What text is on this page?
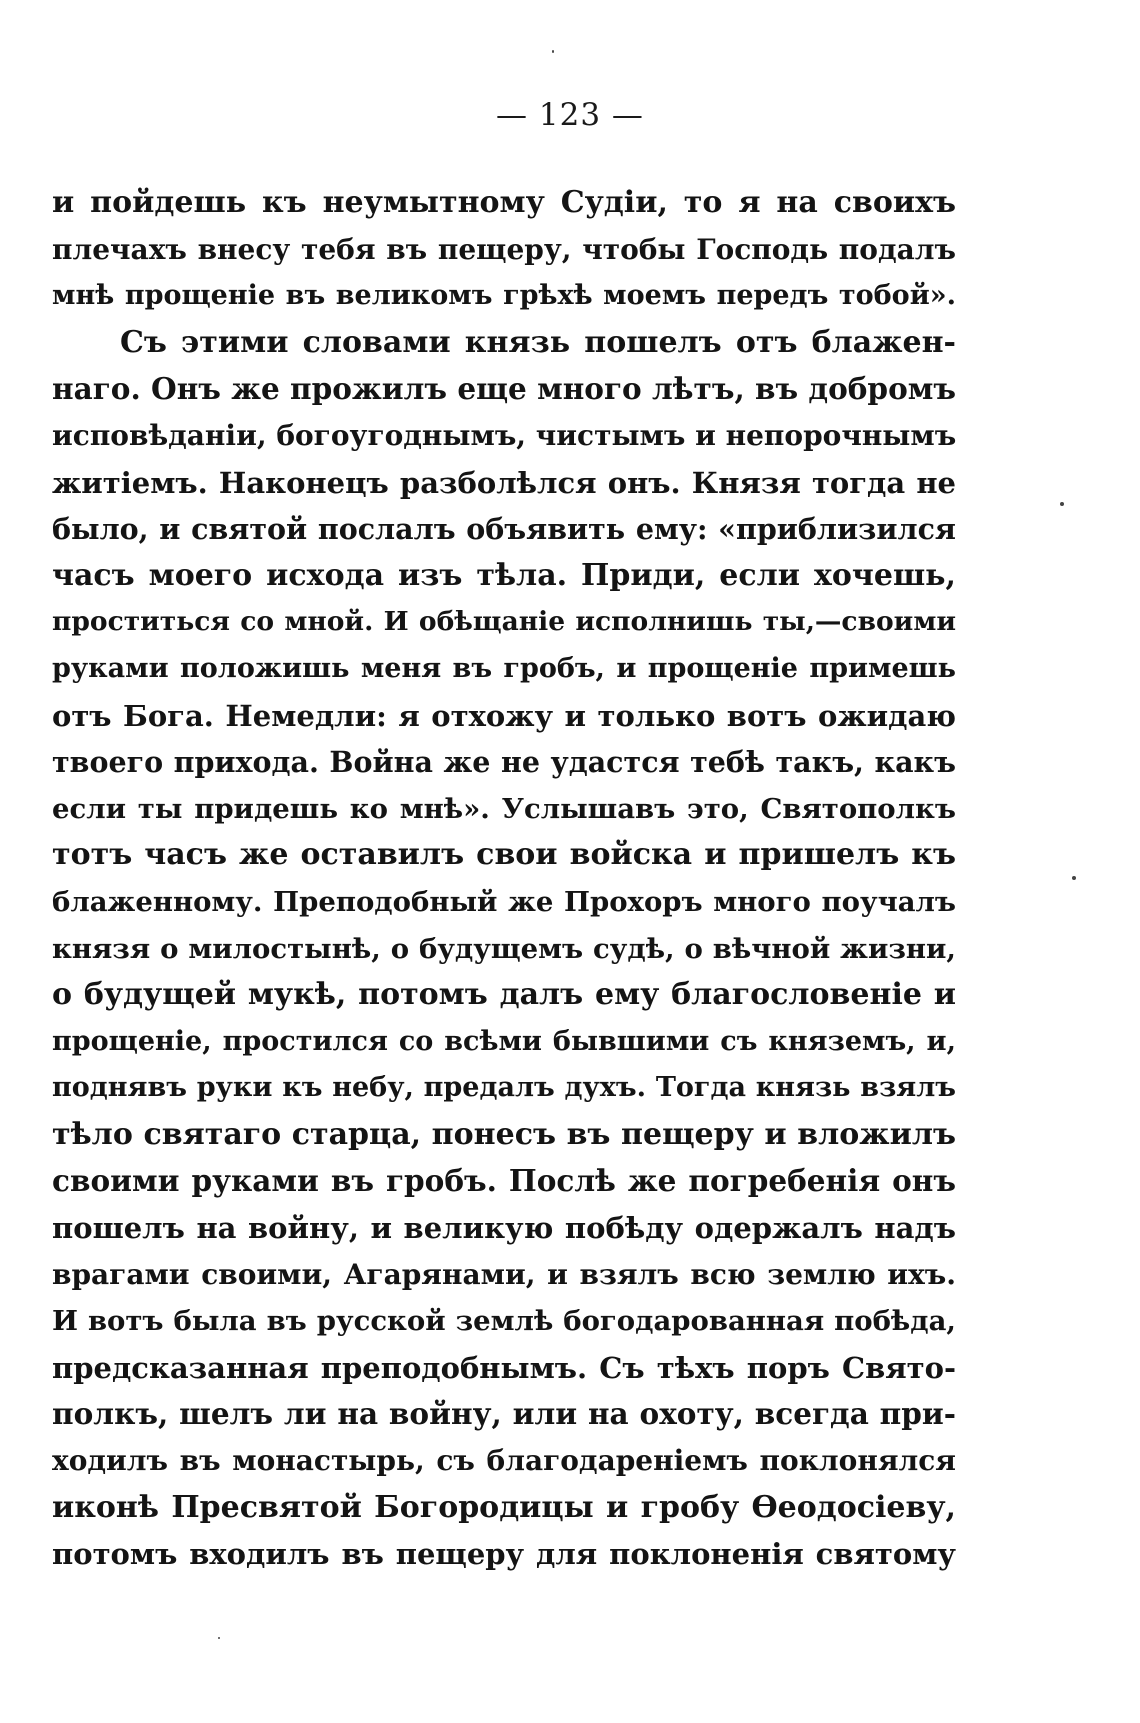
— 123 —
и пойдешь къ неумытному Судіи, то я на своихъ
плечахъ внесу тебя въ пещеру, чтобы Господь подалъ
мнѣ прощеніе въ великомъ грѣхѣ моемъ передъ тобой».
Съ этими словами князь пошелъ отъ блажен-
наго. Онъ же прожилъ еще много лѣтъ, въ добромъ
исповѣданіи, богоугоднымъ, чистымъ и непорочнымъ
житіемъ. Наконецъ разболѣлся онъ. Князя тогда не
было, и святой послалъ объявить ему: «приблизился
часъ моего исхода изъ тѣла. Приди, если хочешь,
проститься со мной. И обѣщаніе исполнишь ты,—своими
руками положишь меня въ гробъ, и прощеніе примешь
отъ Бога. Немедли: я отхожу и только вотъ ожидаю
твоего прихода. Война же не удастся тебѣ такъ, какъ
если ты придешь ко мнѣ». Услышавъ это, Святополкъ
тотъ часъ же оставилъ свои войска и пришелъ къ
блаженному. Преподобный же Прохоръ много поучалъ
князя о милостынѣ, о будущемъ судѣ, о вѣчной жизни,
о будущей мукѣ, потомъ далъ ему благословеніе и
прощеніе, простился со всѣми бывшими съ княземъ, и,
поднявъ руки къ небу, предалъ духъ. Тогда князь взялъ
тѣло святаго старца, понесъ въ пещеру и вложилъ
своими руками въ гробъ. Послѣ же погребенія онъ
пошелъ на войну, и великую побѣду одержалъ надъ
врагами своими, Агарянами, и взялъ всю землю ихъ.
И вотъ была въ русской землѣ богодарованная побѣда,
предсказанная преподобнымъ. Съ тѣхъ поръ Свято-
полкъ, шелъ ли на войну, или на охоту, всегда при-
ходилъ въ монастырь, съ благодареніемъ поклонялся
иконѣ Пресвятой Богородицы и гробу Ѳеодосіеву,
потомъ входилъ въ пещеру для поклоненія святому
